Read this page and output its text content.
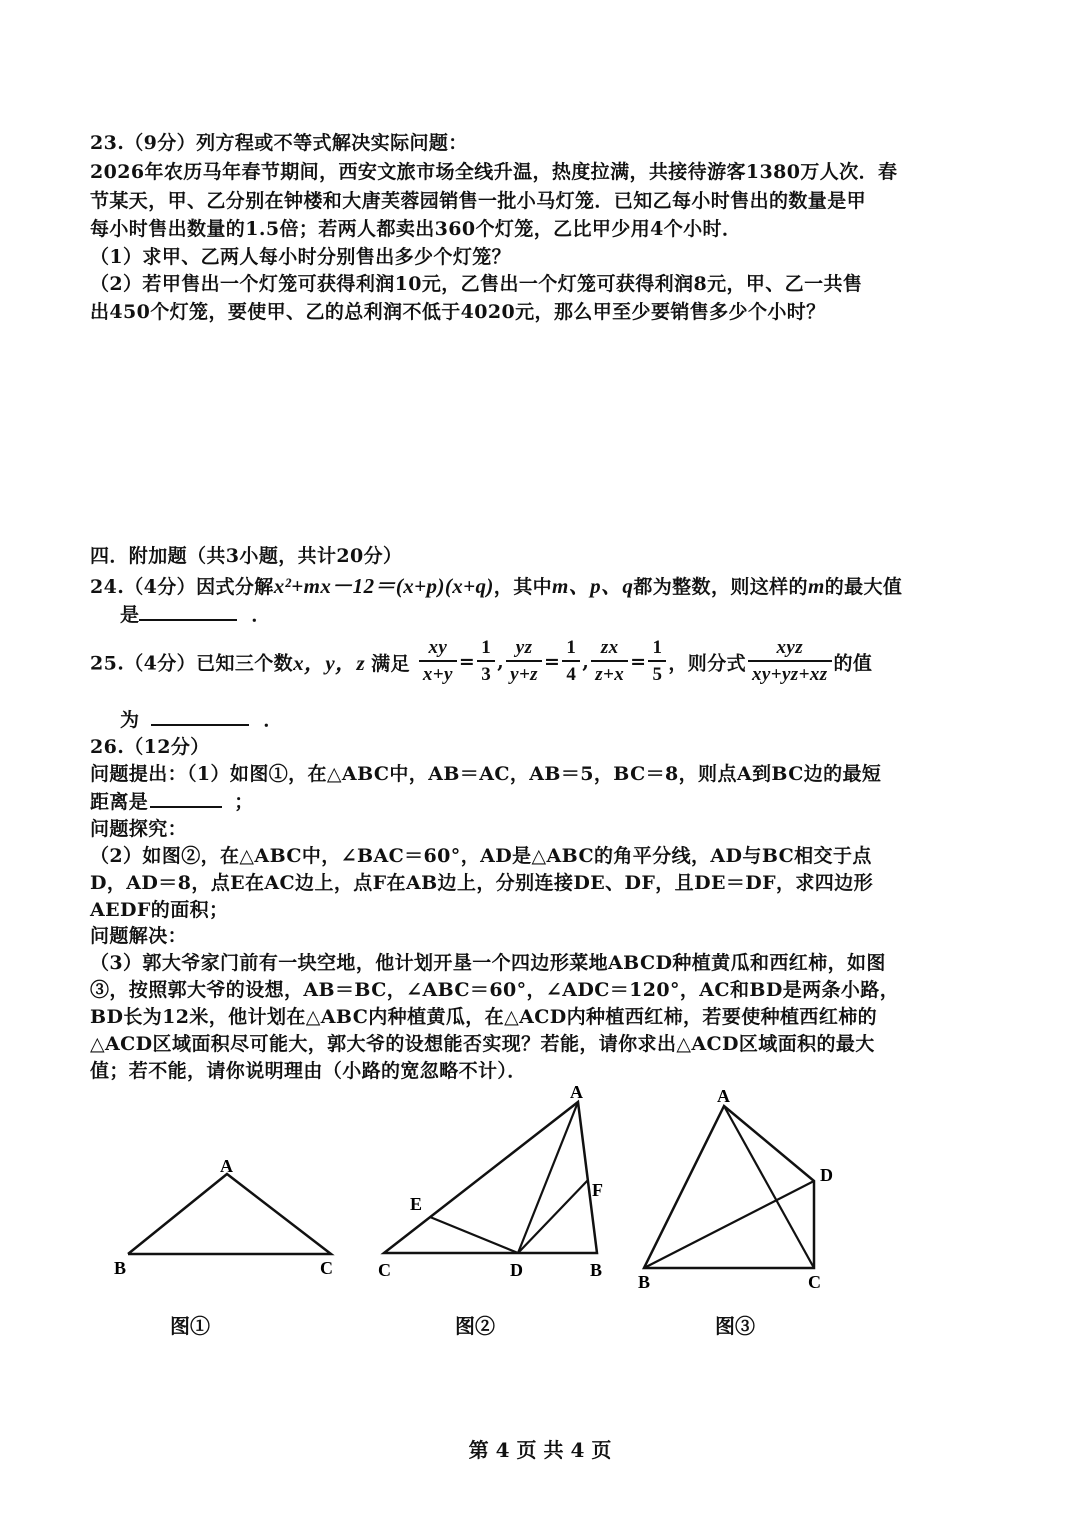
23.（9分）列方程或不等式解决实际问题：
2026年农历马年春节期间，西安文旅市场全线升温，热度拉满，共接待游客1380万人次．春
节某天，甲、乙分别在钟楼和大唐芙蓉园销售一批小马灯笼．已知乙每小时售出的数量是甲
每小时售出数量的1.5倍；若两人都卖出360个灯笼，乙比甲少用4个小时．
（1）求甲、乙两人每小时分别售出多少个灯笼？
（2）若甲售出一个灯笼可获得利润10元，乙售出一个灯笼可获得利润8元，甲、乙一共售
出450个灯笼，要使甲、乙的总利润不低于4020元，那么甲至少要销售多少个小时？
四．附加题（共3小题，共计20分）
24.（4分）因式分解x²+mx－12＝(x+p)(x+q)，其中m、p、q都为整数，则这样的m的最大值
是	．
25.（4分）已知三个数x，y，z 满足 $\frac{xy}{x+y} = \frac{1}{3}$ , $\frac{yz}{y+z} = \frac{1}{4}$ , $\frac{zx}{z+x} = \frac{1}{5}$ ，则分式 $\frac{\text{xyz}}{xy+yz+xz}$ 的值
为	．
26.（12分）
问题提出：（1）如图①，在△ABC中，AB＝AC，AB＝5，BC＝8，则点A到BC边的最短
距离是	；
问题探究：
（2）如图②，在△ABC中，∠BAC＝60°，AD是△ABC的角平分线，AD与BC相交于点
D，AD＝8，点E在AC边上，点F在AB边上，分别连接DE、DF，且DE＝DF，求四边形
AEDF的面积；
问题解决：
（3）郭大爷家门前有一块空地，他计划开垦一个四边形菜地ABCD种植黄瓜和西红柿，如图
③，按照郭大爷的设想，AB＝BC，∠ABC＝60°，∠ADC＝120°，AC和BD是两条小路，
BD长为12米，他计划在△ABC内种植黄瓜，在△ACD内种植西红柿，若要使种植西红柿的
△ACD区域面积尽可能大，郭大爷的设想能否实现？若能，请你求出△ACD区域面积的最大
值；若不能，请你说明理由（小路的宽忽略不计）．
A
B	C
图①
A
C	D	B
E
F
图②
A
B	C
D
图③
第 4 页 共 4 页
